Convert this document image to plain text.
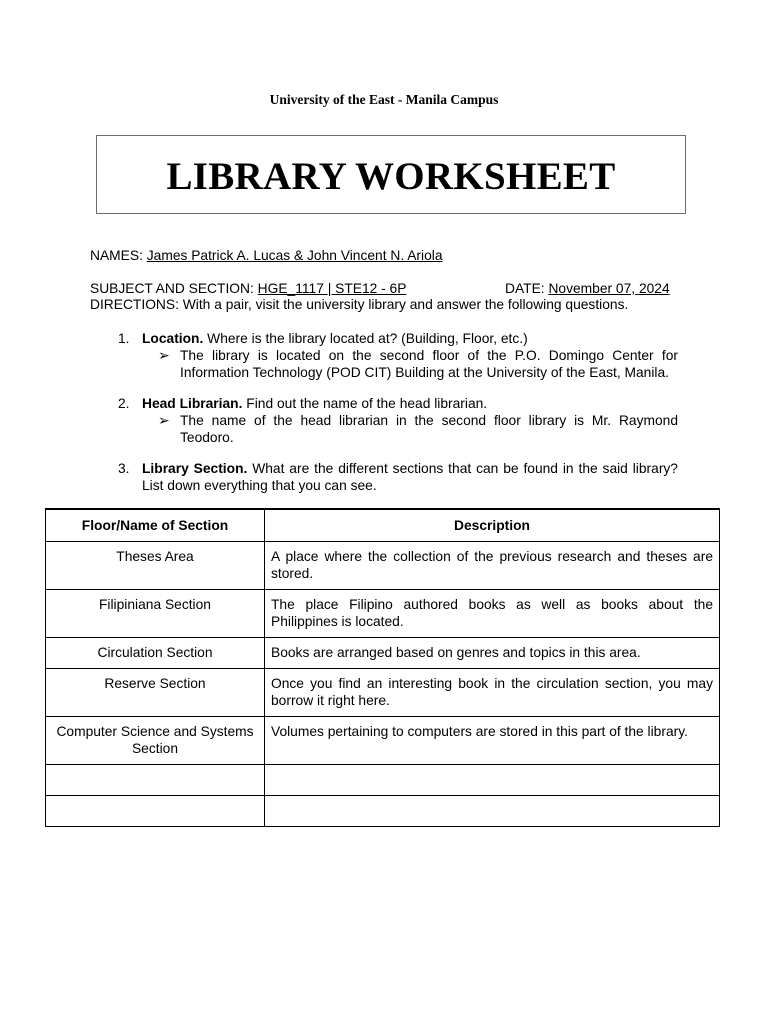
University of the East - Manila Campus
LIBRARY WORKSHEET
NAMES: James Patrick A. Lucas & John Vincent N. Ariola
SUBJECT AND SECTION: HGE_1117 | STE12 - 6P	DATE: November 07, 2024
DIRECTIONS: With a pair, visit the university library and answer the following questions.
1. Location. Where is the library located at? (Building, Floor, etc.)
➢ The library is located on the second floor of the P.O. Domingo Center for Information Technology (POD CIT) Building at the University of the East, Manila.
2. Head Librarian. Find out the name of the head librarian.
➢ The name of the head librarian in the second floor library is Mr. Raymond Teodoro.
3. Library Section. What are the different sections that can be found in the said library? List down everything that you can see.
Floor/Name of Section	Description
Theses Area	A place where the collection of the previous research and theses are stored.
Filipiniana Section	The place Filipino authored books as well as books about the Philippines is located.
Circulation Section	Books are arranged based on genres and topics in this area.
Reserve Section	Once you find an interesting book in the circulation section, you may borrow it right here.
Computer Science and Systems Section	Volumes pertaining to computers are stored in this part of the library.
